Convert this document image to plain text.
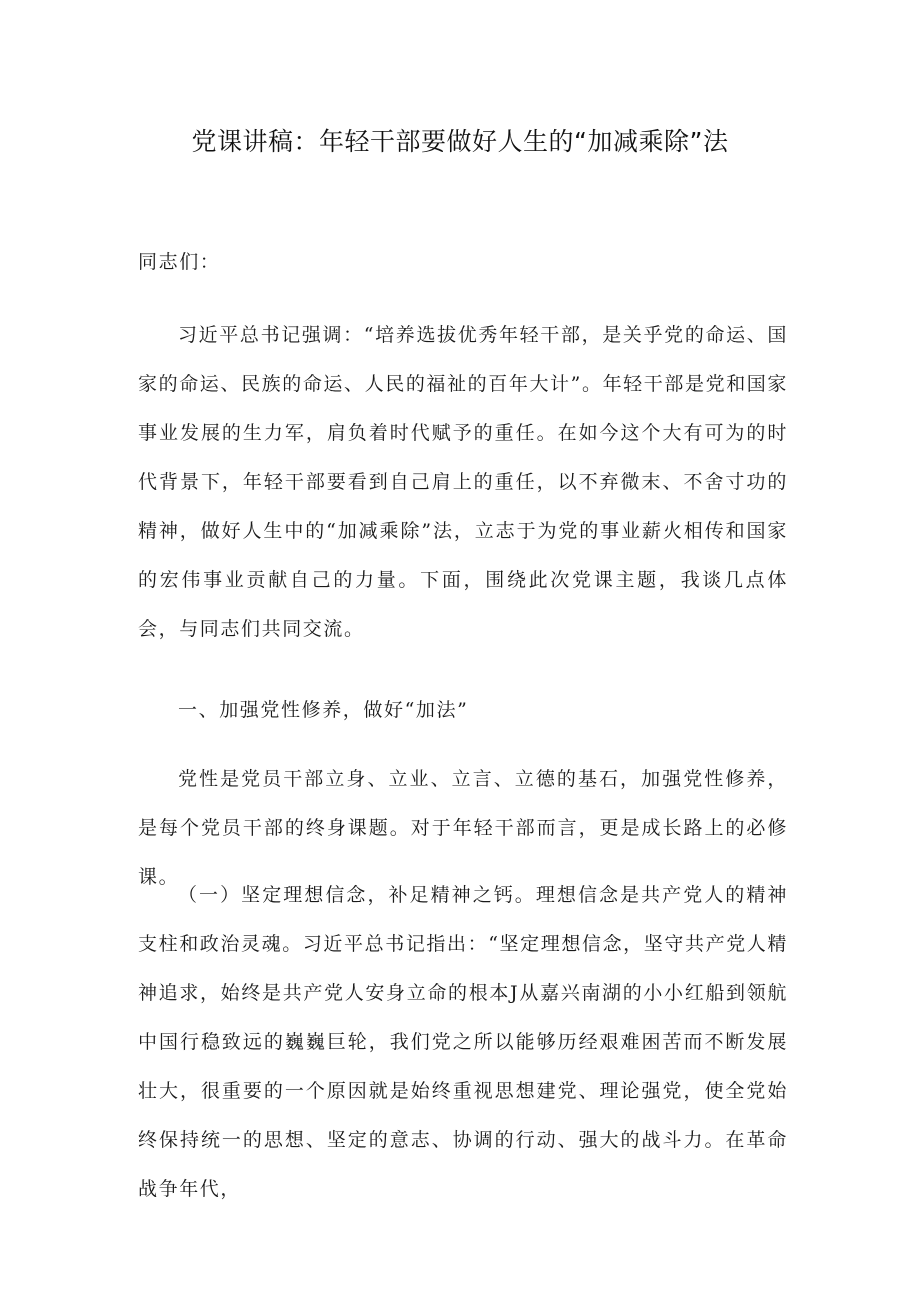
党课讲稿：年轻干部要做好人生的“加减乘除”法

同志们：

习近平总书记强调：“培养选拔优秀年轻干部，是关乎党的命运、国家的命运、民族的命运、人民的福祉的百年大计”。年轻干部是党和国家事业发展的生力军，肩负着时代赋予的重任。在如今这个大有可为的时代背景下，年轻干部要看到自己肩上的重任，以不弃微末、不舍寸功的精神，做好人生中的“加减乘除”法，立志于为党的事业薪火相传和国家的宏伟事业贡献自己的力量。下面，围绕此次党课主题，我谈几点体会，与同志们共同交流。

一、加强党性修养，做好“加法”

党性是党员干部立身、立业、立言、立德的基石，加强党性修养，是每个党员干部的终身课题。对于年轻干部而言，更是成长路上的必修课。

（一）坚定理想信念，补足精神之钙。理想信念是共产党人的精神支柱和政治灵魂。习近平总书记指出：“坚定理想信念，坚守共产党人精神追求，始终是共产党人安身立命的根本J从嘉兴南湖的小小红船到领航中国行稳致远的巍巍巨轮，我们党之所以能够历经艰难困苦而不断发展壮大，很重要的一个原因就是始终重视思想建党、理论强党，使全党始终保持统一的思想、坚定的意志、协调的行动、强大的战斗力。在革命战争年代，
